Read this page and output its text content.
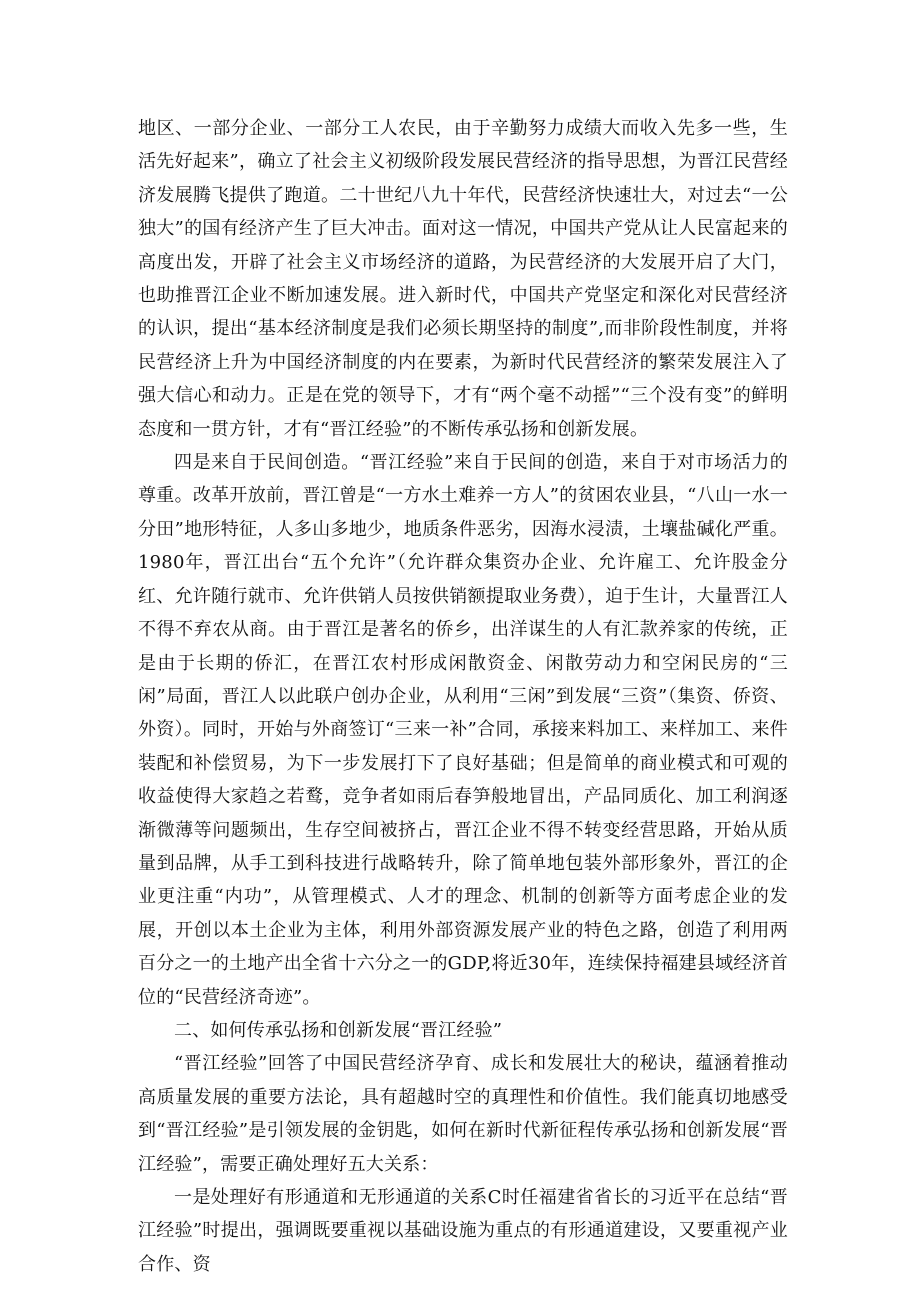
地区、一部分企业、一部分工人农民，由于辛勤努力成绩大而收入先多一些，生活先好起来”，确立了社会主义初级阶段发展民营经济的指导思想，为晋江民营经济发展腾飞提供了跑道。二十世纪八九十年代，民营经济快速壮大，对过去“一公独大”的国有经济产生了巨大冲击。面对这一情况，中国共产党从让人民富起来的高度出发，开辟了社会主义市场经济的道路，为民营经济的大发展开启了大门，也助推晋江企业不断加速发展。进入新时代，中国共产党坚定和深化对民营经济的认识，提出“基本经济制度是我们必须长期坚持的制度”,而非阶段性制度，并将民营经济上升为中国经济制度的内在要素，为新时代民营经济的繁荣发展注入了强大信心和动力。正是在党的领导下，才有“两个毫不动摇”“三个没有变”的鲜明态度和一贯方针，才有“晋江经验”的不断传承弘扬和创新发展。

四是来自于民间创造。“晋江经验”来自于民间的创造，来自于对市场活力的尊重。改革开放前，晋江曾是“一方水土难养一方人”的贫困农业县，“八山一水一分田”地形特征，人多山多地少，地质条件恶劣，因海水浸渍，土壤盐碱化严重。1980年，晋江出台“五个允许”（允许群众集资办企业、允许雇工、允许股金分红、允许随行就市、允许供销人员按供销额提取业务费），迫于生计，大量晋江人不得不弃农从商。由于晋江是著名的侨乡，出洋谋生的人有汇款养家的传统，正是由于长期的侨汇，在晋江农村形成闲散资金、闲散劳动力和空闲民房的“三闲”局面，晋江人以此联户创办企业，从利用“三闲”到发展“三资”（集资、侨资、外资）。同时，开始与外商签订“三来一补”合同，承接来料加工、来样加工、来件装配和补偿贸易，为下一步发展打下了良好基础；但是简单的商业模式和可观的收益使得大家趋之若鹜，竞争者如雨后春笋般地冒出，产品同质化、加工利润逐渐微薄等问题频出，生存空间被挤占，晋江企业不得不转变经营思路，开始从质量到品牌，从手工到科技进行战略转升，除了简单地包装外部形象外，晋江的企业更注重“内功”，从管理模式、人才的理念、机制的创新等方面考虑企业的发展，开创以本土企业为主体，利用外部资源发展产业的特色之路，创造了利用两百分之一的土地产出全省十六分之一的GDP,将近30年，连续保持福建县域经济首位的“民营经济奇迹”。

二、如何传承弘扬和创新发展“晋江经验”

“晋江经验”回答了中国民营经济孕育、成长和发展壮大的秘诀，蕴涵着推动高质量发展的重要方法论，具有超越时空的真理性和价值性。我们能真切地感受到“晋江经验”是引领发展的金钥匙，如何在新时代新征程传承弘扬和创新发展“晋江经验”，需要正确处理好五大关系：

一是处理好有形通道和无形通道的关系C时任福建省省长的习近平在总结“晋江经验”时提出，强调既要重视以基础设施为重点的有形通道建设，又要重视产业合作、资
